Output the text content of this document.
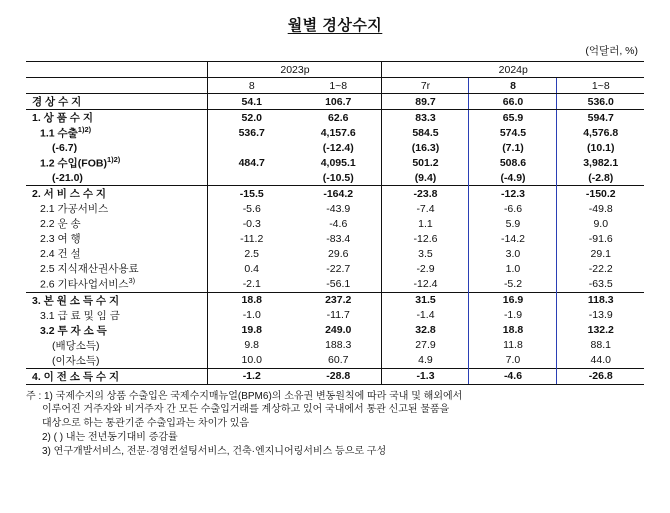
월별 경상수지
(억달러, %)
	2023p		2024p		
	8	1~8	7r	8	1~8
경 상 수 지	54.1	106.7	89.7	66.0	536.0
1. 상 품 수 지	52.0	62.6	83.3	65.9	594.7
1.1 수출$^{1)2)}$	536.7	4,157.6	584.5	574.5	4,576.8
(-6.7)		(-12.4)	(16.3)	(7.1)	(10.1)
1.2 수입(FOB)$^{1)2)}$	484.7	4,095.1	501.2	508.6	3,982.1
(-21.0)		(-10.5)	(9.4)	(-4.9)	(-2.8)
2. 서 비 스 수 지	-15.5	-164.2	-23.8	-12.3	-150.2
2.1 가공서비스	-5.6	-43.9	-7.4	-6.6	-49.8
2.2 운 송	-0.3	-4.6	1.1	5.9	9.0
2.3 여 행	-11.2	-83.4	-12.6	-14.2	-91.6
2.4 건 설	2.5	29.6	3.5	3.0	29.1
2.5 지식재산권사용료	0.4	-22.7	-2.9	1.0	-22.2
2.6 기타사업서비스$^{3)}$	-2.1	-56.1	-12.4	-5.2	-63.5
3. 본 원 소 득 수 지	18.8	237.2	31.5	16.9	118.3
3.1 급 료 및 임 금	-1.0	-11.7	-1.4	-1.9	-13.9
3.2 투 자 소 득	19.8	249.0	32.8	18.8	132.2
(배당소득)	9.8	188.3	27.9	11.8	88.1
(이자소득)	10.0	60.7	4.9	7.0	44.0
4. 이 전 소 득 수 지	-1.2	-28.8	-1.3	-4.6	-26.8
주 : 1) 국제수지의 상품 수출입은 국제수지매뉴얼(BPM6)의 소유권 변동원칙에 따라 국내 및 해외에서
이루어진 거주자와 비거주자 간 모든 수출입거래를 계상하고 있어 국내에서 통관 신고된 물품을
대상으로 하는 통관기준 수출입과는 차이가 있음
2) ( ) 내는 전년동기대비 증감률
3) 연구개발서비스, 전문·경영컨설팅서비스, 건축·엔지니어링서비스 등으로 구성
